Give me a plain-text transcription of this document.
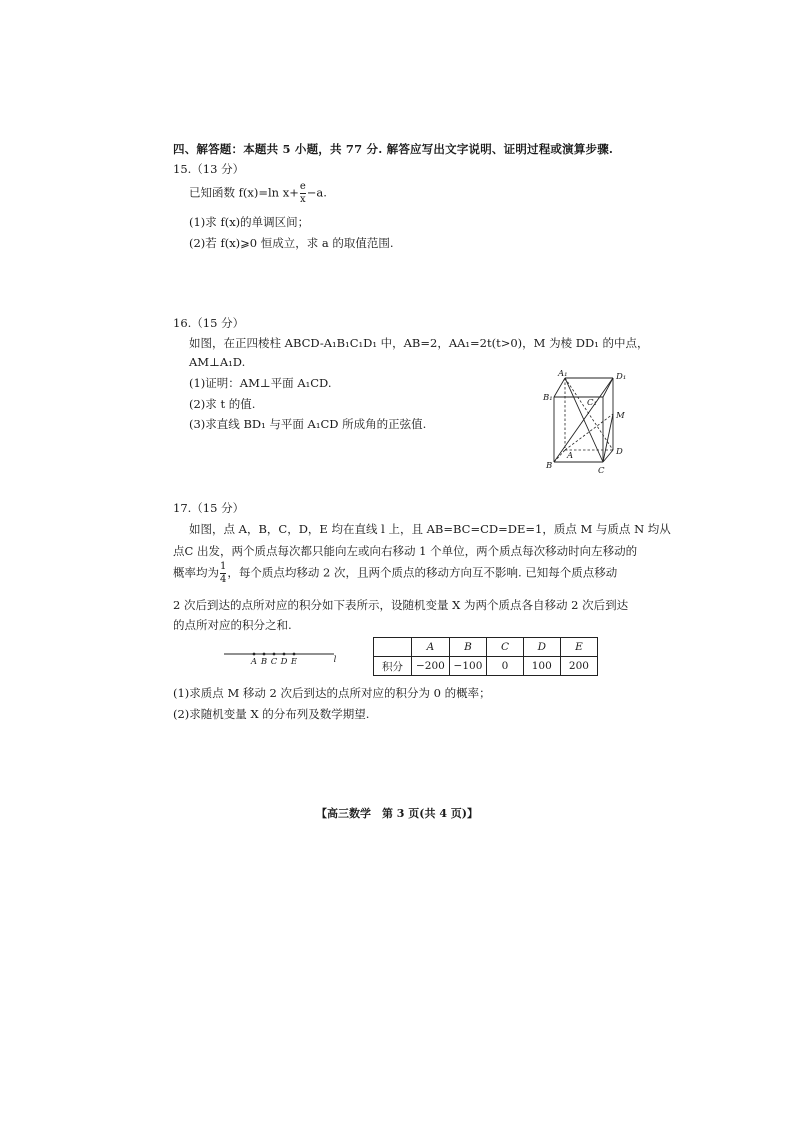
四、解答题：本题共 5 小题，共 77 分. 解答应写出文字说明、证明过程或演算步骤.
15.（13 分）
已知函数 f(x)=ln $x+ \frac{e}{x} -a$.
(1)求 f(x)的单调区间；
(2)若 f(x)⩾0 恒成立，求 a 的取值范围.
16.（15 分）
如图，在正四棱柱 ABCD-A₁B₁C₁D₁ 中，AB=2，AA₁=2t(t>0)，M 为棱 DD₁ 的中点，
AM⊥A₁D.
(1)证明：AM⊥平面 A₁CD.
(2)求 t 的值.
(3)求直线 BD₁ 与平面 A₁CD 所成角的正弦值.
A₁	D₁
B₁	C₁
M
A	D
B	C
17.（15 分）
如图，点 A，B，C，D，E 均在直线 l 上，且 AB=BC=CD=DE=1，质点 M 与质点 N 均从
点C 出发，两个质点每次都只能向左或向右移动 1 个单位，两个质点每次移动时向左移动的
概率均为 $\frac{1}{4}$ ，每个质点均移动 2 次，且两个质点的移动方向互不影响. 已知每个质点移动
2 次后到达的点所对应的积分如下表所示，设随机变量 X 为两个质点各自移动 2 次后到达
的点所对应的积分之和.
A B C D E	l
	A	B	C	D	E
积分	−200	−100	0	100	200
(1)求质点 M 移动 2 次后到达的点所对应的积分为 0 的概率；
(2)求随机变量 X 的分布列及数学期望.
【高三数学　第 3 页(共 4 页)】
